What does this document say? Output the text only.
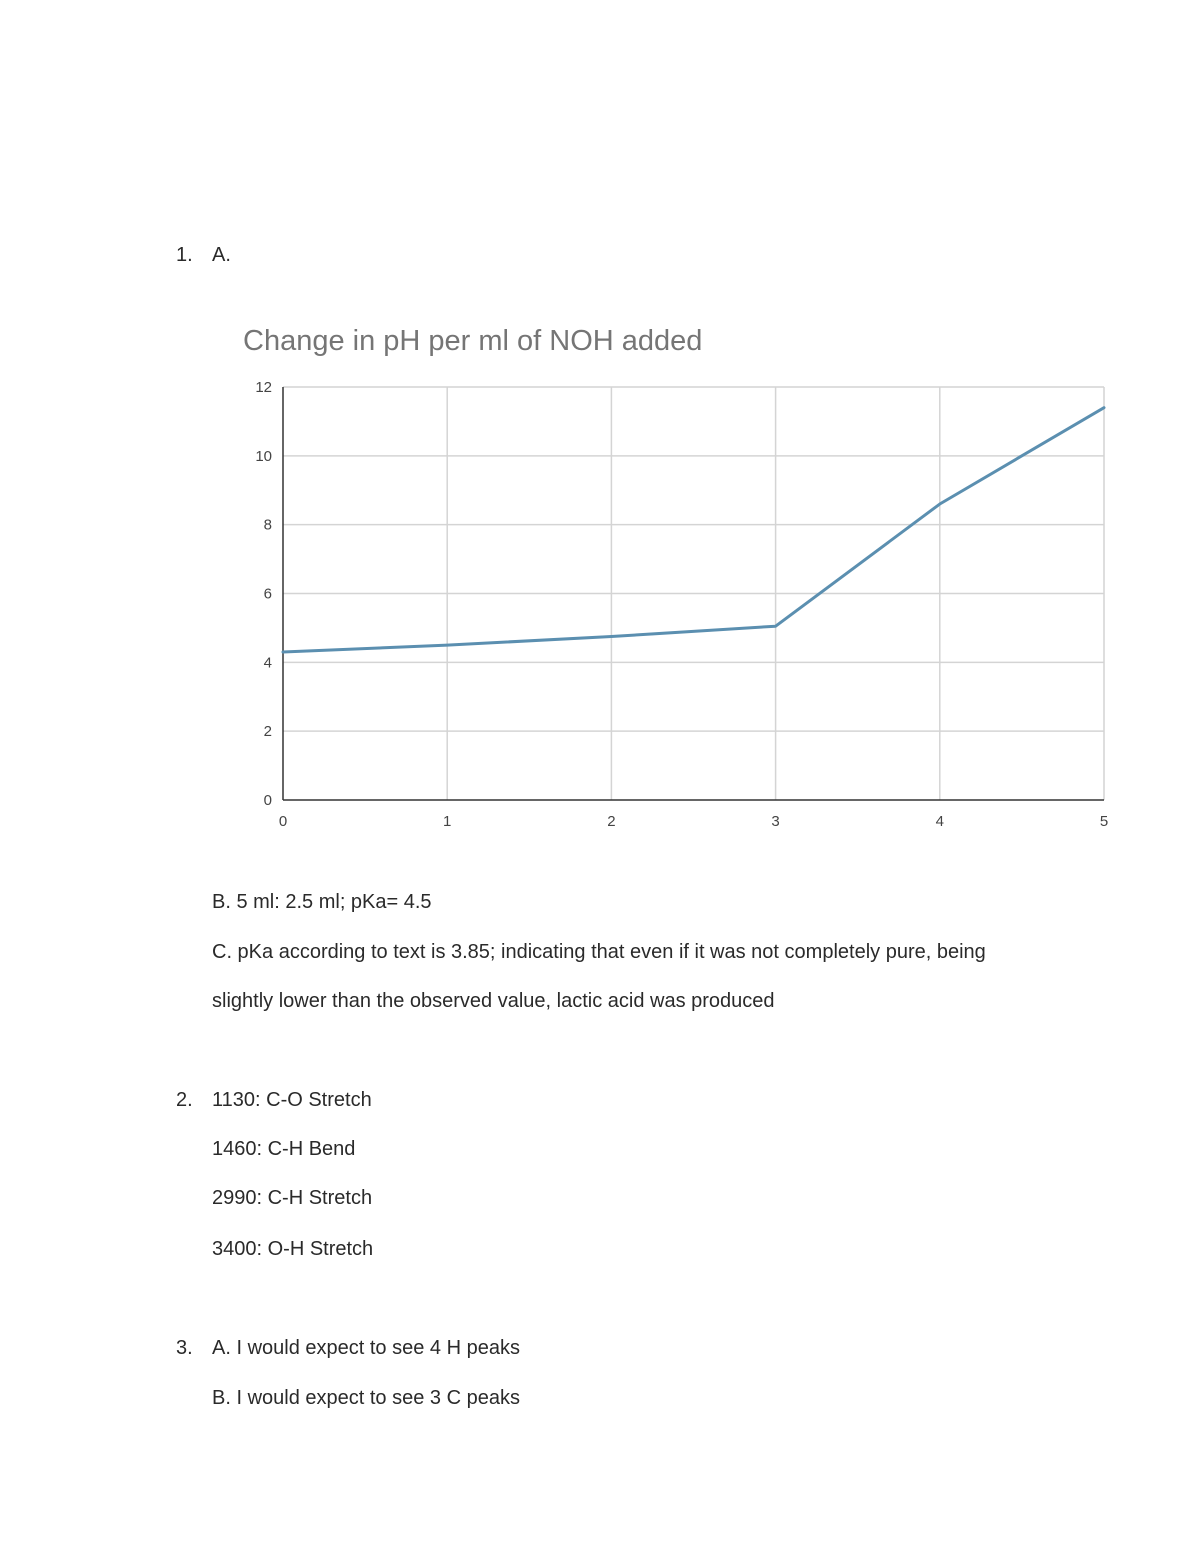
1. A.
Change in pH per ml of NOH added
0
2
4
6
8
10
12
0	1	2	3	4	5
B. 5 ml: 2.5 ml; pKa= 4.5
C. pKa according to text is 3.85; indicating that even if it was not completely pure, being
slightly lower than the observed value, lactic acid was produced
2. 1130: C-O Stretch
1460: C-H Bend
2990: C-H Stretch
3400: O-H Stretch
3. A. I would expect to see 4 H peaks
B. I would expect to see 3 C peaks
